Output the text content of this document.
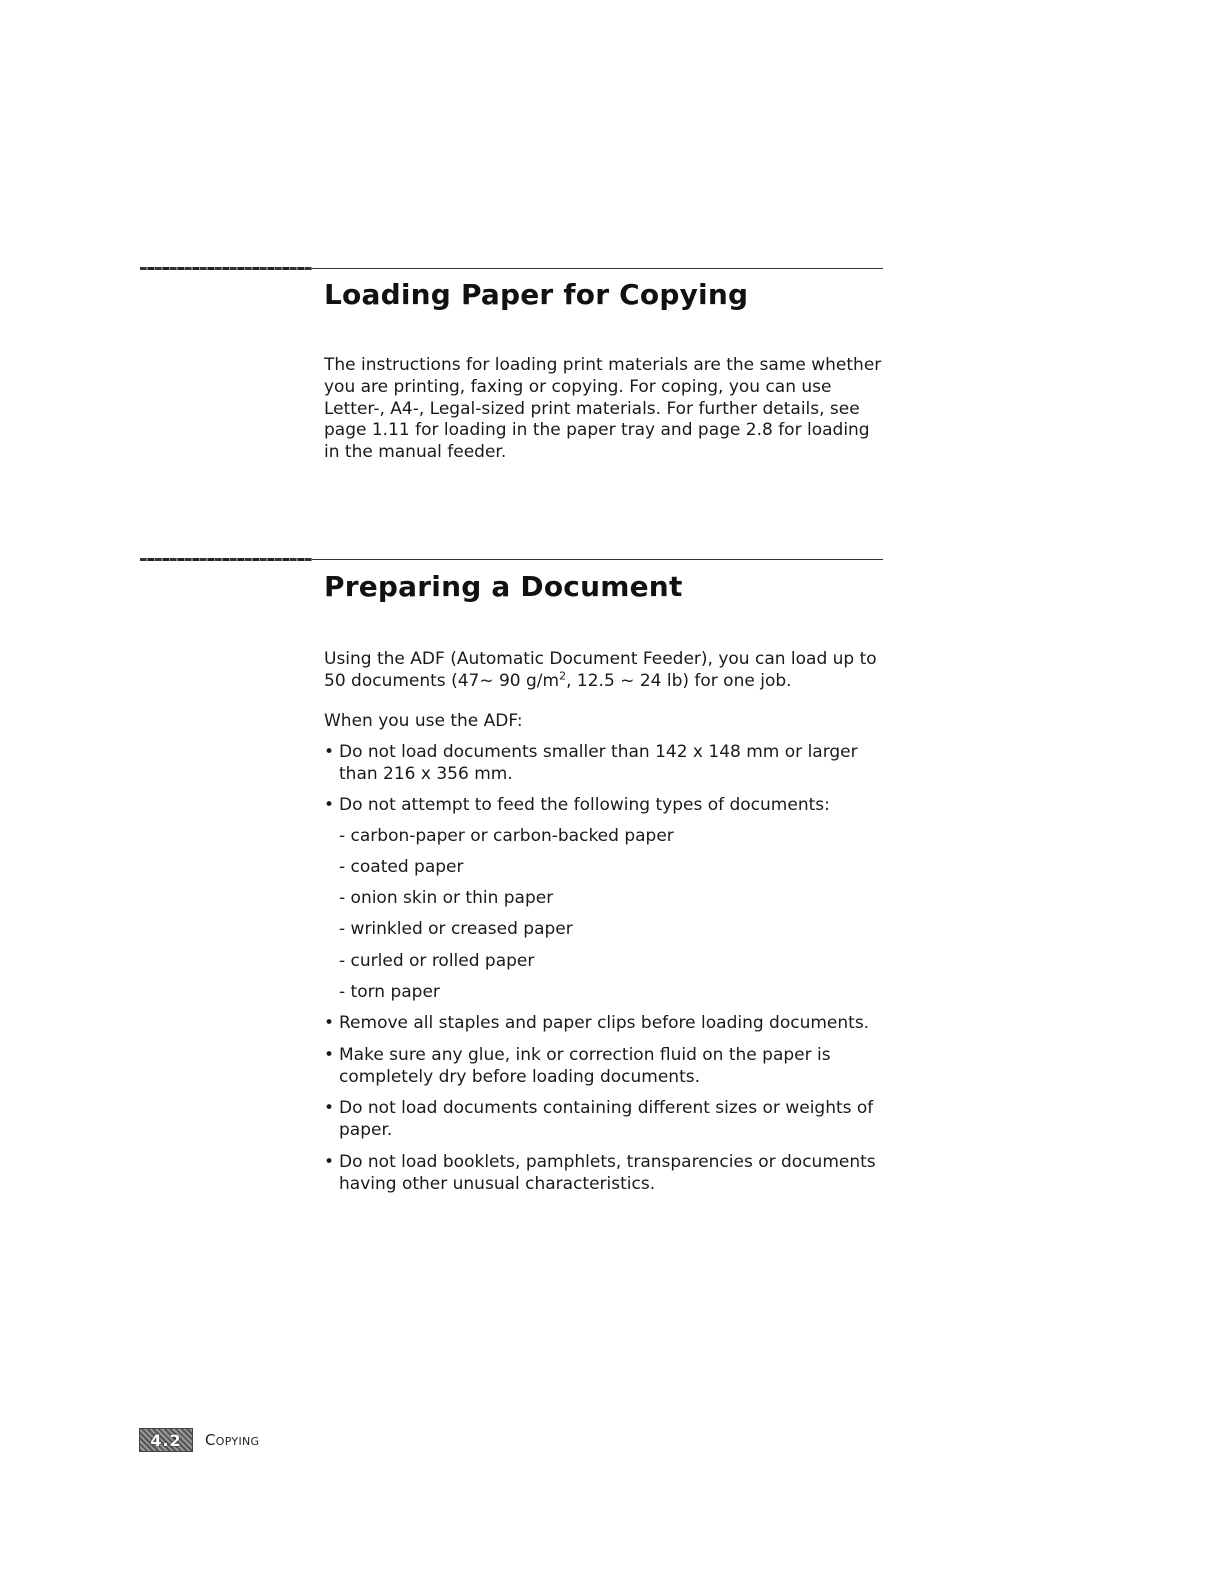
Loading Paper for Copying

The instructions for loading print materials are the same whether you are printing, faxing or copying. For coping, you can use Letter-, A4-, Legal-sized print materials. For further details, see page 1.11 for loading in the paper tray and page 2.8 for loading in the manual feeder.

Preparing a Document

Using the ADF (Automatic Document Feeder), you can load up to 50 documents (47~ 90 $g/m^2$, 12.5 ~ 24 lb) for one job.

When you use the ADF:

• Do not load documents smaller than 142 x 148 mm or larger than 216 x 356 mm.
• Do not attempt to feed the following types of documents:
- carbon-paper or carbon-backed paper
- coated paper
- onion skin or thin paper
- wrinkled or creased paper
- curled or rolled paper
- torn paper
• Remove all staples and paper clips before loading documents.
• Make sure any glue, ink or correction fluid on the paper is completely dry before loading documents.
• Do not load documents containing different sizes or weights of paper.
• Do not load booklets, pamphlets, transparencies or documents having other unusual characteristics.
4.2	Copying
